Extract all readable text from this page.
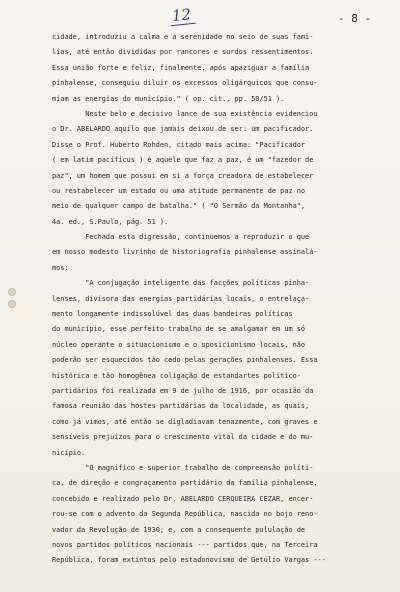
12	- 8 -
cidade, introduziu a calma e a serenidade no seio de suas famí-
lias, até então divididas por rancores e surdos ressentimentos.
Essa união forte e feliz, finalmente, após apaziguar a família
pinhalense, conseguiu diluir os excessos oligárquicos que consu-
miam as energias do município." ( op. cit., pp. 50/51 ).
Neste belo e decisivo lance de sua existência evidenciou
o Dr. ABELARDO aquilo que jamais deixou de ser: um pacificador.
Disse o Prof. Huberto Rohden, citado mais acima: "Pacificador
( em latim pacificus ) é aquele que faz a paz, é um "fazedor de
paz", um homem que possui em si a força creadora de estabelecer
ou restabelecer um estado ou uma atitude permanente de paz no
meio de qualquer campo de batalha." ( "O Sermão da Montanha",
4a. ed., S.Paulo, pág. 51 ).
Fechada esta digressão, continuemos a reproduzir o que
em nosso modesto livrinho de historiografia pinhalense assinalá-
mos:
"A conjugação inteligente das facções políticas pinha-
lenses, divisora das energias partidárias locais, o entrelaça-
mento longamente indissolúvel das duas bandeiras políticas
do município, esse perfeito trabalho de se amalgamar em um só
núcleo operante o situacionismo e o oposicionismo locais, não
poderão ser esquecidos tão cedo pelas gerações pinhalenses. Essa
histórica e tão homogênea coligação de estandartes político-
partidários foi realizada em 9 de julho de 1916, por ocasião da
famosa reunião das hostes partidárias da localidade, as quais,
como já vimos, até então se digladiavam tenazmente, com graves e
sensíveis prejuízos para o crescimento vital da cidade e do mu-
nicípio.
"O magnífico e superior trabalho de compreensão políti-
ca, de direção e congraçamento partidário da família pinhalense,
concebido e realizado pelo Dr. ABELARDO CERQUEIRA CEZAR, encer-
rou-se com o advento da Segunda República, nascida no bojo reno-
vador da Revolução de 1930; e, com a consequente pululação de
novos partidos políticos nacionais --- partidos que, na Terceira
República, foram extintos pelo estadonovismo de Getúlio Vargas ---
